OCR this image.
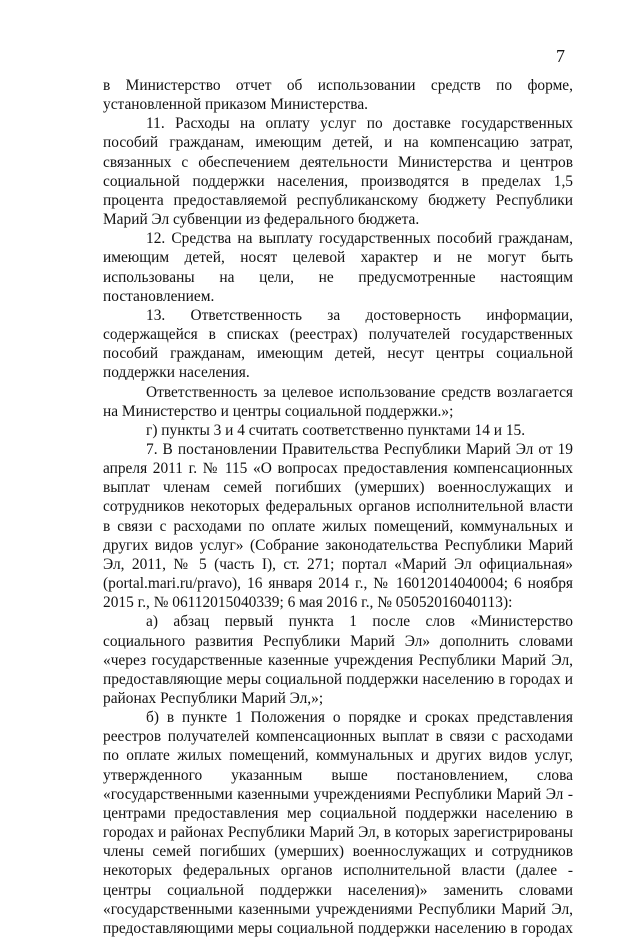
7

в Министерство отчет об использовании средств по форме, установленной приказом Министерства.

11. Расходы на оплату услуг по доставке государственных пособий гражданам, имеющим детей, и на компенсацию затрат, связанных с обеспечением деятельности Министерства и центров социальной поддержки населения, производятся в пределах 1,5 процента предоставляемой республиканскому бюджету Республики Марий Эл субвенции из федерального бюджета.

12. Средства на выплату государственных пособий гражданам, имеющим детей, носят целевой характер и не могут быть использованы на цели, не предусмотренные настоящим постановлением.

13. Ответственность за достоверность информации, содержащейся в списках (реестрах) получателей государственных пособий гражданам, имеющим детей, несут центры социальной поддержки населения.

Ответственность за целевое использование средств возлагается на Министерство и центры социальной поддержки.»;

г) пункты 3 и 4 считать соответственно пунктами 14 и 15.

7. В постановлении Правительства Республики Марий Эл от 19 апреля 2011 г. № 115 «О вопросах предоставления компенсационных выплат членам семей погибших (умерших) военнослужащих и сотрудников некоторых федеральных органов исполнительной власти в связи с расходами по оплате жилых помещений, коммунальных и других видов услуг» (Собрание законодательства Республики Марий Эл, 2011, № 5 (часть I), ст. 271; портал «Марий Эл официальная» (portal.mari.ru/pravo), 16 января 2014 г., № 16012014040004; 6 ноября 2015 г., № 06112015040339; 6 мая 2016 г., № 05052016040113):

а) абзац первый пункта 1 после слов «Министерство социального развития Республики Марий Эл» дополнить словами «через государственные казенные учреждения Республики Марий Эл, предоставляющие меры социальной поддержки населению в городах и районах Республики Марий Эл,»;

б) в пункте 1 Положения о порядке и сроках представления реестров получателей компенсационных выплат в связи с расходами по оплате жилых помещений, коммунальных и других видов услуг, утвержденного указанным выше постановлением, слова «государственными казенными учреждениями Республики Марий Эл - центрами предоставления мер социальной поддержки населению в городах и районах Республики Марий Эл, в которых зарегистрированы члены семей погибших (умерших) военнослужащих и сотрудников некоторых федеральных органов исполнительной власти (далее - центры социальной поддержки населения)» заменить словами «государственными казенными учреждениями Республики Марий Эл, предоставляющими меры социальной поддержки населению в городах
